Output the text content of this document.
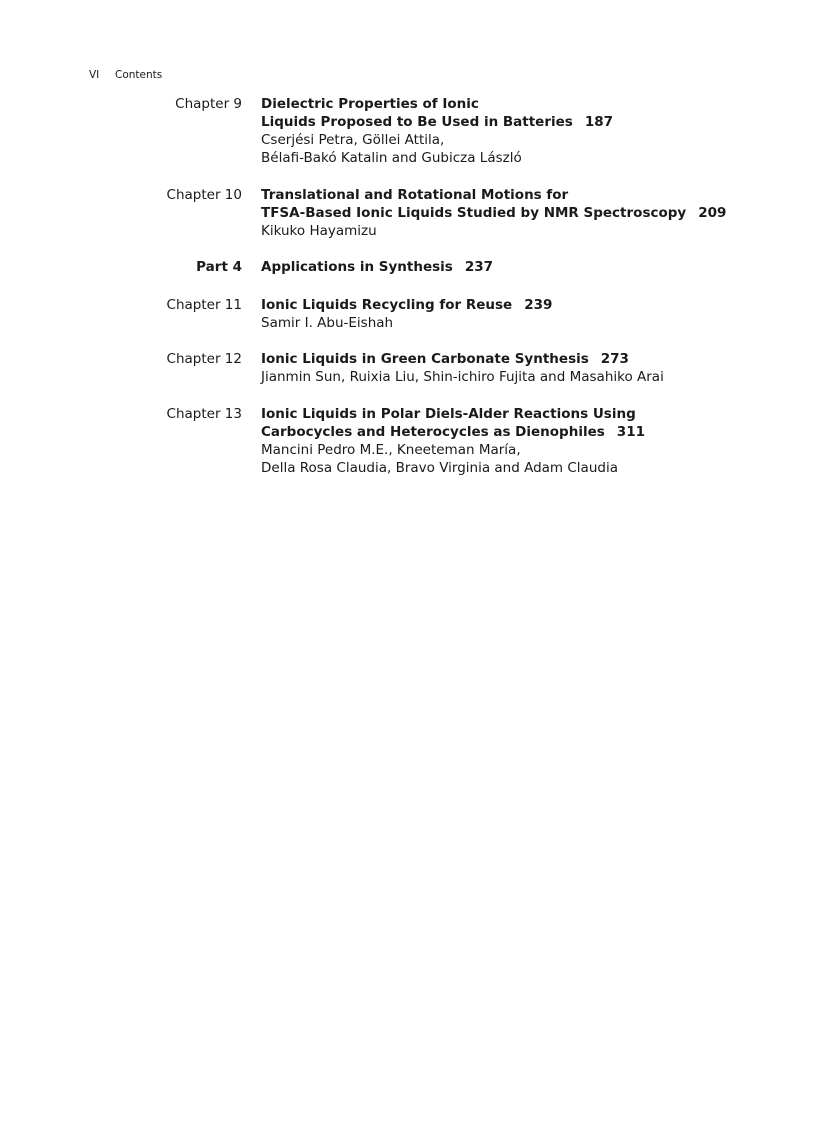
VI Contents
Chapter 9 Dielectric Properties of Ionic
Liquids Proposed to Be Used in Batteries 187
Cserjési Petra, Göllei Attila,
Bélafi-Bakó Katalin and Gubicza László
Chapter 10 Translational and Rotational Motions for
TFSA-Based Ionic Liquids Studied by NMR Spectroscopy 209
Kikuko Hayamizu
Part 4 Applications in Synthesis 237
Chapter 11 Ionic Liquids Recycling for Reuse 239
Samir I. Abu-Eishah
Chapter 12 Ionic Liquids in Green Carbonate Synthesis 273
Jianmin Sun, Ruixia Liu, Shin-ichiro Fujita and Masahiko Arai
Chapter 13 Ionic Liquids in Polar Diels-Alder Reactions Using
Carbocycles and Heterocycles as Dienophiles 311
Mancini Pedro M.E., Kneeteman María,
Della Rosa Claudia, Bravo Virginia and Adam Claudia
